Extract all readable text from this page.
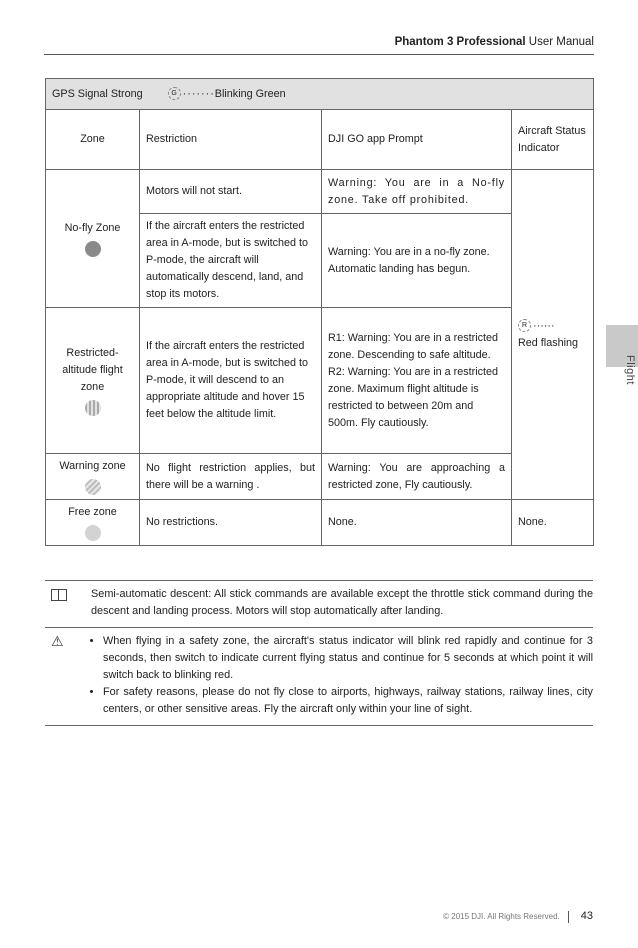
Phantom 3 Professional User Manual
Flight
GPS Signal Strong G ·······Blinking Green			
Zone	Restriction	DJI GO app Prompt	Aircraft Status Indicator
No-fly Zone	Motors will not start.	Warning: You are in a No-fly zone. Take off prohibited.	R ······
Red flashing

	If the aircraft enters the restricted area in A-mode, but is switched to P-mode, the aircraft will automatically descend, land, and stop its motors.	Warning: You are in a no-fly zone. Automatic landing has begun.	
Restricted-altitude flight zone	If the aircraft enters the restricted area in A-mode, but is switched to P-mode, it will descend to an appropriate altitude and hover 15 feet below the altitude limit.	R1: Warning: You are in a restricted zone. Descending to safe altitude.
R2: Warning: You are in a restricted zone. Maximum flight altitude is restricted to between 20m and 500m. Fly cautiously.	
Warning zone	No flight restriction applies, but there will be a warning .	Warning: You are approaching a restricted zone, Fly cautiously.	
Free zone	No restrictions.	None.	None.
Semi-automatic descent: All stick commands are available except the throttle stick command during the descent and landing process. Motors will stop automatically after landing.
⚠	• When flying in a safety zone, the aircraft's status indicator will blink red rapidly and continue for 3 seconds, then switch to indicate current flying status and continue for 5 seconds at which point it will switch back to blinking red.
• For safety reasons, please do not fly close to airports, highways, railway stations, railway lines, city centers, or other sensitive areas. Fly the aircraft only within your line of sight.
© 2015 DJI. All Rights Reserved. 43
